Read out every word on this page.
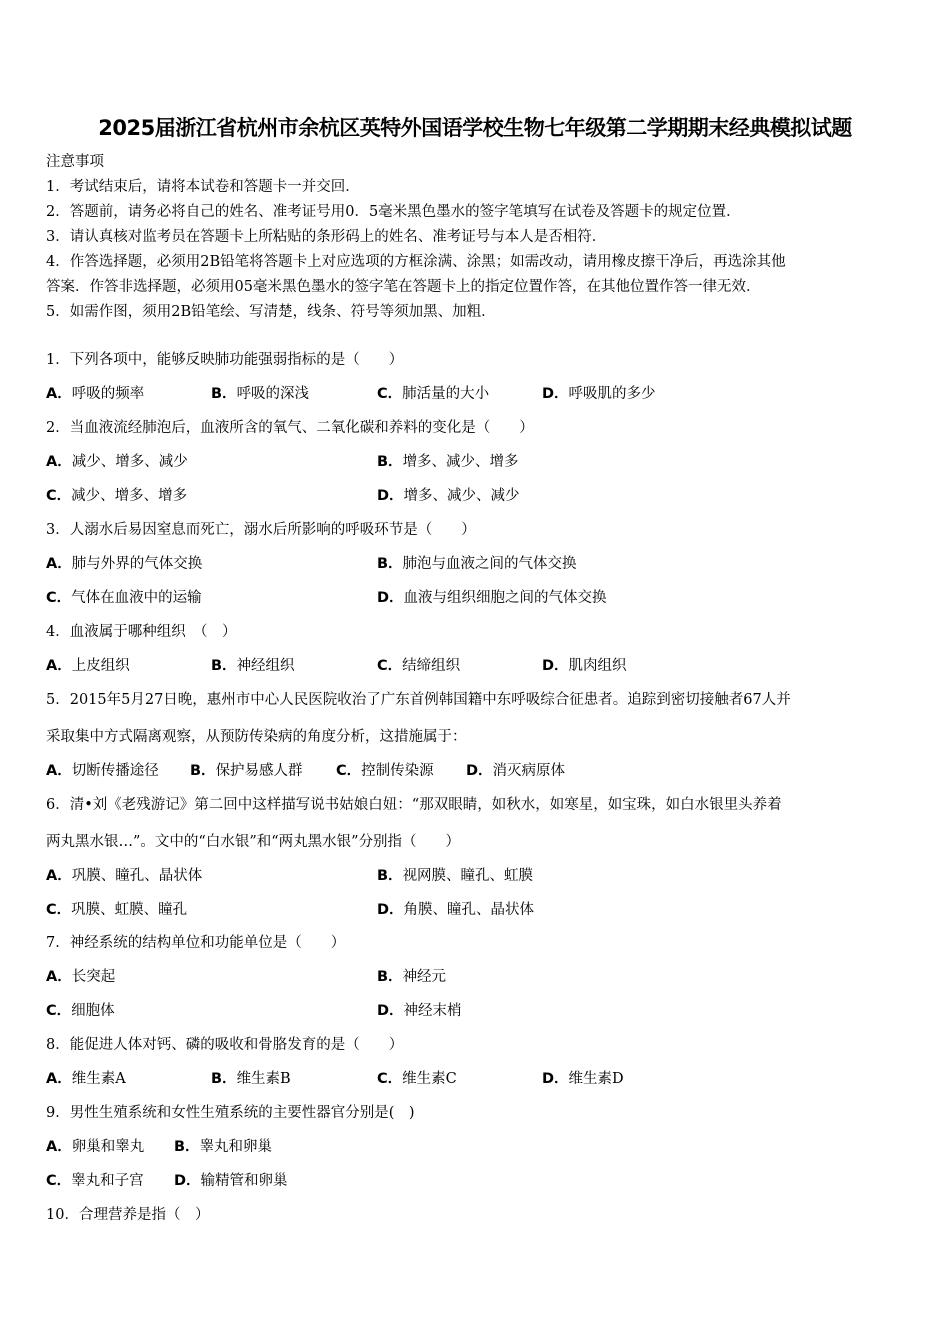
2025届浙江省杭州市余杭区英特外国语学校生物七年级第二学期期末经典模拟试题
注意事项
1．考试结束后，请将本试卷和答题卡一并交回．
2．答题前，请务必将自己的姓名、准考证号用0．5毫米黑色墨水的签字笔填写在试卷及答题卡的规定位置．
3．请认真核对监考员在答题卡上所粘贴的条形码上的姓名、准考证号与本人是否相符．
4．作答选择题，必须用2B铅笔将答题卡上对应选项的方框涂满、涂黑；如需改动，请用橡皮擦干净后，再选涂其他
答案．作答非选择题，必须用05毫米黑色墨水的签字笔在答题卡上的指定位置作答，在其他位置作答一律无效．
5．如需作图，须用2B铅笔绘、写清楚，线条、符号等须加黑、加粗．
1．下列各项中，能够反映肺功能强弱指标的是（　　）
A．呼吸的频率	B．呼吸的深浅	C．肺活量的大小	D．呼吸肌的多少
2．当血液流经肺泡后，血液所含的氧气、二氧化碳和养料的变化是（　　）
A．减少、增多、减少	B．增多、减少、增多
C．减少、增多、增多	D．增多、减少、减少
3．人溺水后易因窒息而死亡，溺水后所影响的呼吸环节是（　　）
A．肺与外界的气体交换	B．肺泡与血液之间的气体交换
C．气体在血液中的运输	D．血液与组织细胞之间的气体交换
4．血液属于哪种组织　（　）
A．上皮组织	B．神经组织	C．结缔组织	D．肌肉组织
5．2015年5月27日晚，惠州市中心人民医院收治了广东首例韩国籍中东呼吸综合征患者。追踪到密切接触者67人并
采取集中方式隔离观察，从预防传染病的角度分析，这措施属于：
A．切断传播途径 B．保护易感人群 C．控制传染源 D．消灭病原体
6．清•刘《老残游记》第二回中这样描写说书姑娘白妞：“那双眼睛，如秋水，如寒星，如宝珠，如白水银里头养着
两丸黑水银…”。文中的“白水银”和“两丸黑水银”分别指（　　）
A．巩膜、瞳孔、晶状体	B．视网膜、瞳孔、虹膜
C．巩膜、虹膜、瞳孔	D．角膜、瞳孔、晶状体
7．神经系统的结构单位和功能单位是（　　）
A．长突起	B．神经元
C．细胞体	D．神经末梢
8．能促进人体对钙、磷的吸收和骨胳发育的是（　　）
A．维生素A	B．维生素B	C．维生素C	D．维生素D
9．男性生殖系统和女性生殖系统的主要性器官分别是(　)
A．卵巢和睾丸 B．睾丸和卵巢
C．睾丸和子宫 D．输精管和卵巢
10．合理营养是指（　）
